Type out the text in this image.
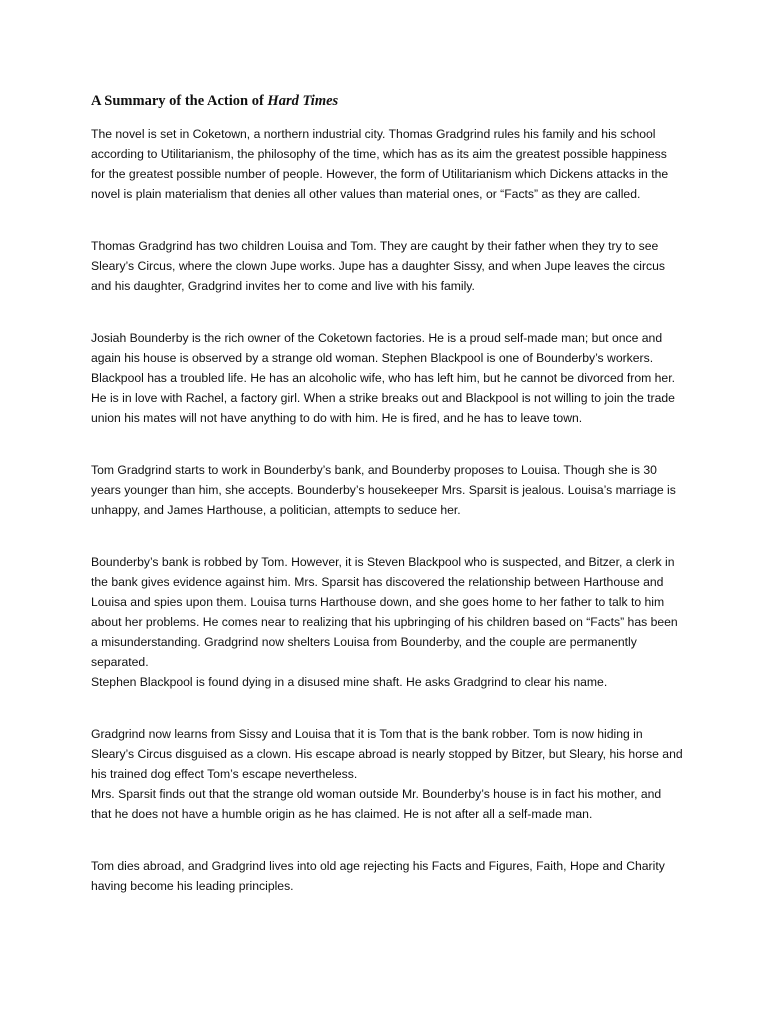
A Summary of the Action of Hard Times

The novel is set in Coketown, a northern industrial city. Thomas Gradgrind rules his family and his school according to Utilitarianism, the philosophy of the time, which has as its aim the greatest possible happiness for the greatest possible number of people. However, the form of Utilitarianism which Dickens attacks in the novel is plain materialism that denies all other values than material ones, or “Facts” as they are called.

Thomas Gradgrind has two children Louisa and Tom. They are caught by their father when they try to see Sleary’s Circus, where the clown Jupe works. Jupe has a daughter Sissy, and when Jupe leaves the circus and his daughter, Gradgrind invites her to come and live with his family.

Josiah Bounderby is the rich owner of the Coketown factories. He is a proud self-made man; but once and again his house is observed by a strange old woman. Stephen Blackpool is one of Bounderby’s workers. Blackpool has a troubled life. He has an alcoholic wife, who has left him, but he cannot be divorced from her. He is in love with Rachel, a factory girl. When a strike breaks out and Blackpool is not willing to join the trade union his mates will not have anything to do with him. He is fired, and he has to leave town.

Tom Gradgrind starts to work in Bounderby’s bank, and Bounderby proposes to Louisa. Though she is 30 years younger than him, she accepts. Bounderby’s housekeeper Mrs. Sparsit is jealous. Louisa’s marriage is unhappy, and James Harthouse, a politician, attempts to seduce her.

Bounderby’s bank is robbed by Tom. However, it is Steven Blackpool who is suspected, and Bitzer, a clerk in the bank gives evidence against him. Mrs. Sparsit has discovered the relationship between Harthouse and Louisa and spies upon them. Louisa turns Harthouse down, and she goes home to her father to talk to him about her problems. He comes near to realizing that his upbringing of his children based on “Facts” has been a misunderstanding. Gradgrind now shelters Louisa from Bounderby, and the couple are permanently separated.

Stephen Blackpool is found dying in a disused mine shaft. He asks Gradgrind to clear his name.

Gradgrind now learns from Sissy and Louisa that it is Tom that is the bank robber. Tom is now hiding in Sleary’s Circus disguised as a clown. His escape abroad is nearly stopped by Bitzer, but Sleary, his horse and his trained dog effect Tom’s escape nevertheless.

Mrs. Sparsit finds out that the strange old woman outside Mr. Bounderby’s house is in fact his mother, and that he does not have a humble origin as he has claimed. He is not after all a self-made man.

Tom dies abroad, and Gradgrind lives into old age rejecting his Facts and Figures, Faith, Hope and Charity having become his leading principles.
